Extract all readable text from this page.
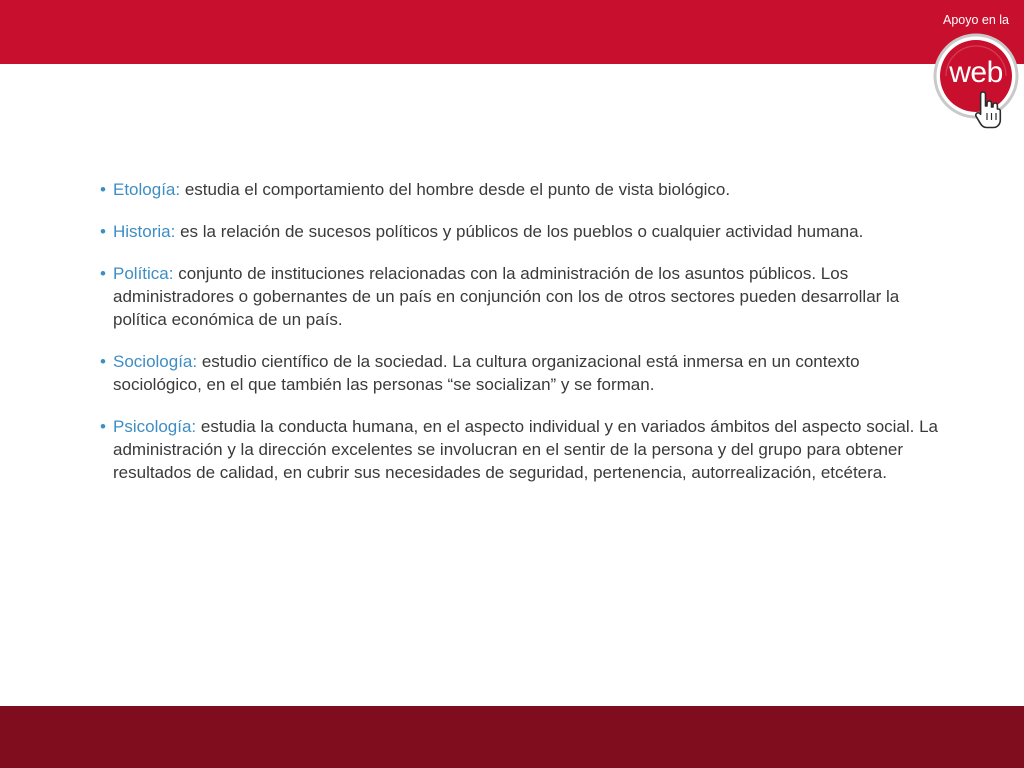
Apoyo en la
web
• Etología: estudia el comportamiento del hombre desde el punto de vista biológico.
• Historia: es la relación de sucesos políticos y públicos de los pueblos o cualquier actividad humana.
• Política: conjunto de instituciones relacionadas con la administración de los asuntos públicos. Los administradores o gobernantes de un país en conjunción con los de otros sectores pueden desarrollar la política económica de un país.
• Sociología: estudio científico de la sociedad. La cultura organizacional está inmersa en un contexto sociológico, en el que también las personas “se socializan” y se forman.
• Psicología: estudia la conducta humana, en el aspecto individual y en variados ámbitos del aspecto social. La administración y la dirección excelentes se involucran en el sentir de la persona y del grupo para obtener resultados de calidad, en cubrir sus necesidades de seguridad, pertenencia, autorrealización, etcétera.
